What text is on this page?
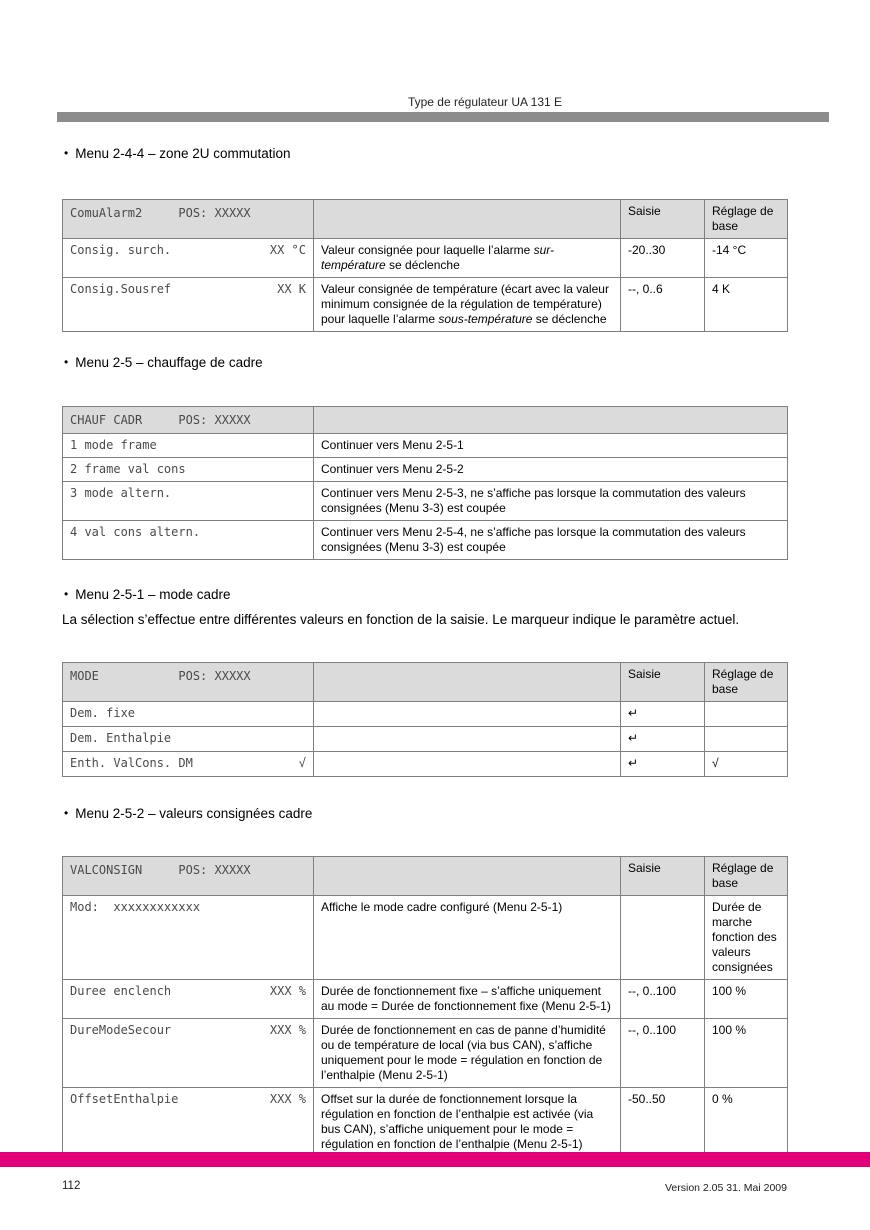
Type de régulateur UA 131 E
• Menu 2-4-4 – zone 2U commutation
ComuAlarm2     POS: XXXXX		Saisie	Réglage de base

Consig. surch. XX °C	Valeur consignée pour laquelle l’alarme sur-température se déclenche	-20..30	-14 °C

Consig.Sousref XX K	Valeur consignée de température (écart avec la valeur minimum consignée de la régulation de température) pour laquelle l’alarme sous-température se déclenche	--, 0..6	4 K
• Menu 2-5 – chauffage de cadre
CHAUF CADR     POS: XXXXX	
1 mode frame	Continuer vers Menu 2-5-1
2 frame val cons	Continuer vers Menu 2-5-2
3 mode altern.	Continuer vers Menu 2-5-3, ne s’affiche pas lorsque la commutation des valeurs consignées (Menu 3-3) est coupée
4 val cons altern.	Continuer vers Menu 2-5-4, ne s’affiche pas lorsque la commutation des valeurs consignées (Menu 3-3) est coupée
• Menu 2-5-1 – mode cadre
La sélection s’effectue entre différentes valeurs en fonction de la saisie. Le marqueur indique le paramètre actuel.
MODE           POS: XXXXX		Saisie	Réglage de base

Dem. fixe		↵	

Dem. Enthalpie		↵	

Enth. ValCons. DM √		↵	√
• Menu 2-5-2 – valeurs consignées cadre
VALCONSIGN     POS: XXXXX		Saisie	Réglage de base

Mod:  xxxxxxxxxxxx	Affiche le mode cadre configuré (Menu 2-5-1)		Durée de marche fonction des valeurs consignées

Duree enclench XXX %	Durée de fonctionnement fixe – s’affiche uniquement au mode = Durée de fonctionnement fixe (Menu 2-5-1)	--, 0..100	100 %

DureModeSecour XXX %	Durée de fonctionnement en cas de panne d’humidité ou de température de local (via bus CAN), s’affiche uniquement pour le mode = régulation en fonction de l’enthalpie (Menu 2-5-1)	--, 0..100	100 %

OffsetEnthalpie XXX %	Offset sur la durée de fonctionnement lorsque la régulation en fonction de l’enthalpie est activée (via bus CAN), s’affiche uniquement pour le mode = régulation en fonction de l’enthalpie (Menu 2-5-1)	-50..50	0 %
112	Version 2.05 31. Mai 2009
